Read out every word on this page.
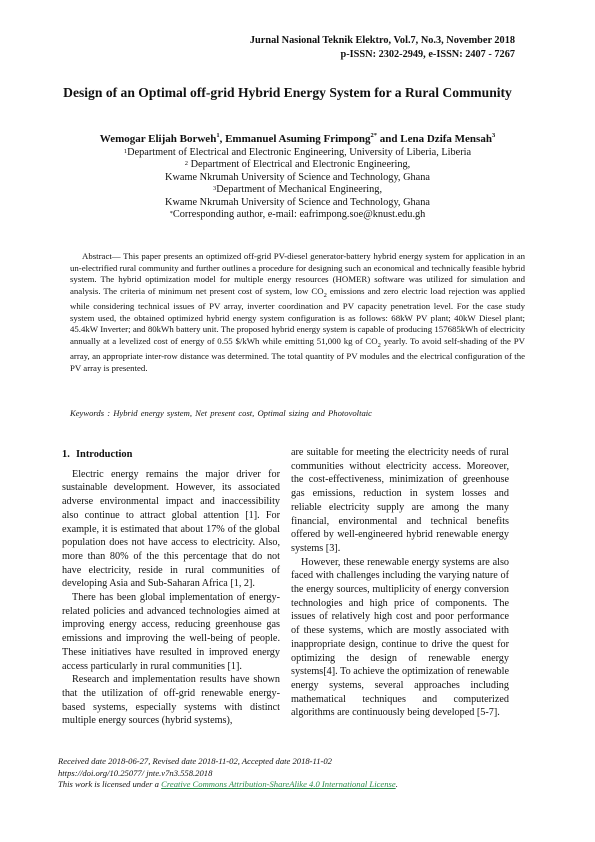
Jurnal Nasional Teknik Elektro, Vol.7, No.3, November 2018
p-ISSN: 2302-2949, e-ISSN: 2407 - 7267
Design of an Optimal off-grid Hybrid Energy System for a Rural Community
Wemogar Elijah Borweh$^1$, Emmanuel Asuming Frimpong$^{2*}$ and Lena Dzifa Mensah$^3$
$^1$Department of Electrical and Electronic Engineering, University of Liberia, Liberia
$^2$ Department of Electrical and Electronic Engineering,
Kwame Nkrumah University of Science and Technology, Ghana
$^3$Department of Mechanical Engineering,
Kwame Nkrumah University of Science and Technology, Ghana
*Corresponding author, e-mail: eafrimpong.soe@knust.edu.gh
Abstract— This paper presents an optimized off-grid PV-diesel generator-battery hybrid energy system for application in an un-electrified rural community and further outlines a procedure for designing such an economical and technically feasible hybrid system. The hybrid optimization model for multiple energy resources (HOMER) software was utilized for simulation and analysis. The criteria of minimum net present cost of system, low $CO_2$ emissions and zero electric load rejection was applied while considering technical issues of PV array, inverter coordination and PV capacity penetration level. For the case study system used, the obtained optimized hybrid energy system configuration is as follows: 68kW PV plant; 40kW Diesel plant; 45.4kW Inverter; and 80kWh battery unit. The proposed hybrid energy system is capable of producing 157685kWh of electricity annually at a levelized cost of energy of 0.55 $/kWh while emitting 51,000 kg of $CO_2$ yearly. To avoid self-shading of the PV array, an appropriate inter-row distance was determined. The total quantity of PV modules and the electrical configuration of the PV array is presented.
Keywords : Hybrid energy system, Net present cost, Optimal sizing and Photovoltaic
1. Introduction

Electric energy remains the major driver for sustainable development. However, its associated adverse environmental impact and inaccessibility also continue to attract global attention [1]. For example, it is estimated that about 17% of the global population does not have access to electricity. Also, more than 80% of the this percentage that do not have electricity, reside in rural communities of developing Asia and Sub-Saharan Africa [1, 2].

There has been global implementation of energy-related policies and advanced technologies aimed at improving energy access, reducing greenhouse gas emissions and improving the well-being of people. These initiatives have resulted in improved energy access particularly in rural communities [1].

Research and implementation results have shown that the utilization of off-grid renewable energy-based systems, especially systems with distinct multiple energy sources (hybrid systems),

are suitable for meeting the electricity needs of rural communities without electricity access. Moreover, the cost-effectiveness, minimization of greenhouse gas emissions, reduction in system losses and reliable electricity supply are among the many financial, environmental and technical benefits offered by well-engineered hybrid renewable energy systems [3].

However, these renewable energy systems are also faced with challenges including the varying nature of the energy sources, multiplicity of energy conversion technologies and high price of components. The issues of relatively high cost and poor performance of these systems, which are mostly associated with inappropriate design, continue to drive the quest for optimizing the design of renewable energy systems[4]. To achieve the optimization of renewable energy systems, several approaches including mathematical techniques and computerized algorithms are continuously being developed [5-7].

Received date 2018-06-27, Revised date 2018-11-02, Accepted date 2018-11-02
https://doi.org/10.25077/ jnte.v7n3.558.2018
This work is licensed under a Creative Commons Attribution-ShareAlike 4.0 International License.
